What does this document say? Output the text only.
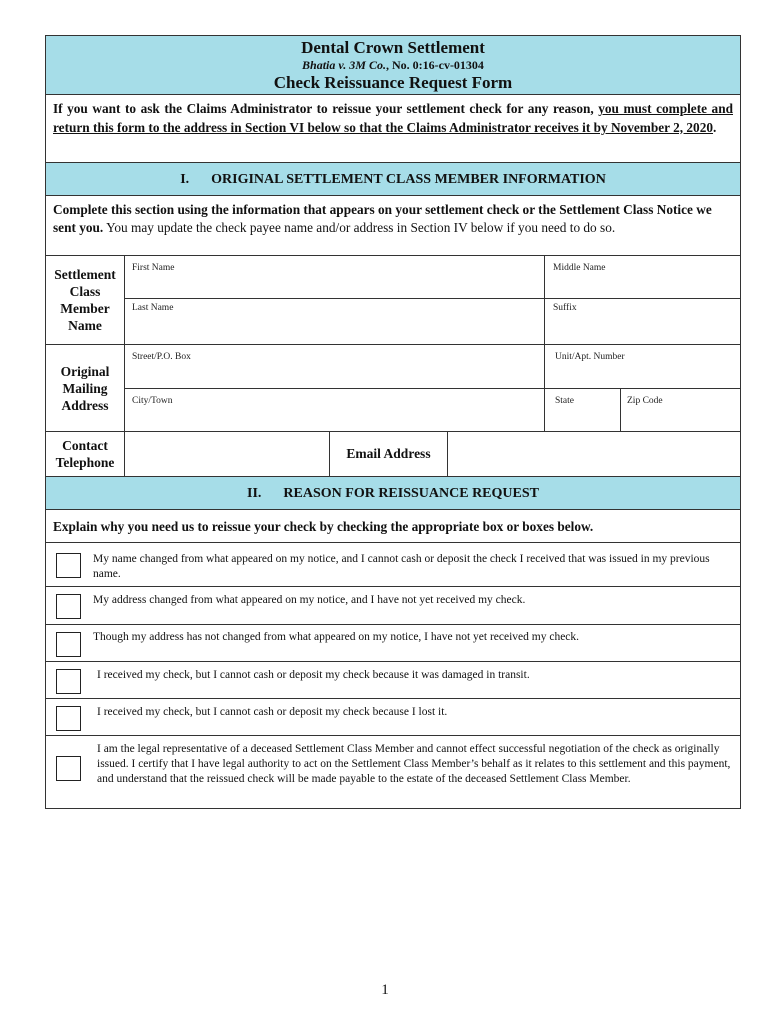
Dental Crown Settlement
Bhatia v. 3M Co., No. 0:16-cv-01304
Check Reissuance Request Form
If you want to ask the Claims Administrator to reissue your settlement check for any reason, you must complete and return this form to the address in Section VI below so that the Claims Administrator receives it by November 2, 2020.
I. ORIGINAL SETTLEMENT CLASS MEMBER INFORMATION
Complete this section using the information that appears on your settlement check or the Settlement Class Notice we sent you. You may update the check payee name and/or address in Section IV below if you need to do so.
Settlement Class Member Name
First Name	Middle Name
Last Name	Suffix
Original Mailing Address
Street/P.O. Box	Unit/Apt. Number
City/Town	State	Zip Code
Contact Telephone
Email Address
II. REASON FOR REISSUANCE REQUEST
Explain why you need us to reissue your check by checking the appropriate box or boxes below.
My name changed from what appeared on my notice, and I cannot cash or deposit the check I received that was issued in my previous name.
My address changed from what appeared on my notice, and I have not yet received my check.
Though my address has not changed from what appeared on my notice, I have not yet received my check.
I received my check, but I cannot cash or deposit my check because it was damaged in transit.
I received my check, but I cannot cash or deposit my check because I lost it.
I am the legal representative of a deceased Settlement Class Member and cannot effect successful negotiation of the check as originally issued. I certify that I have legal authority to act on the Settlement Class Member’s behalf as it relates to this settlement and this payment, and understand that the reissued check will be made payable to the estate of the deceased Settlement Class Member.
1
